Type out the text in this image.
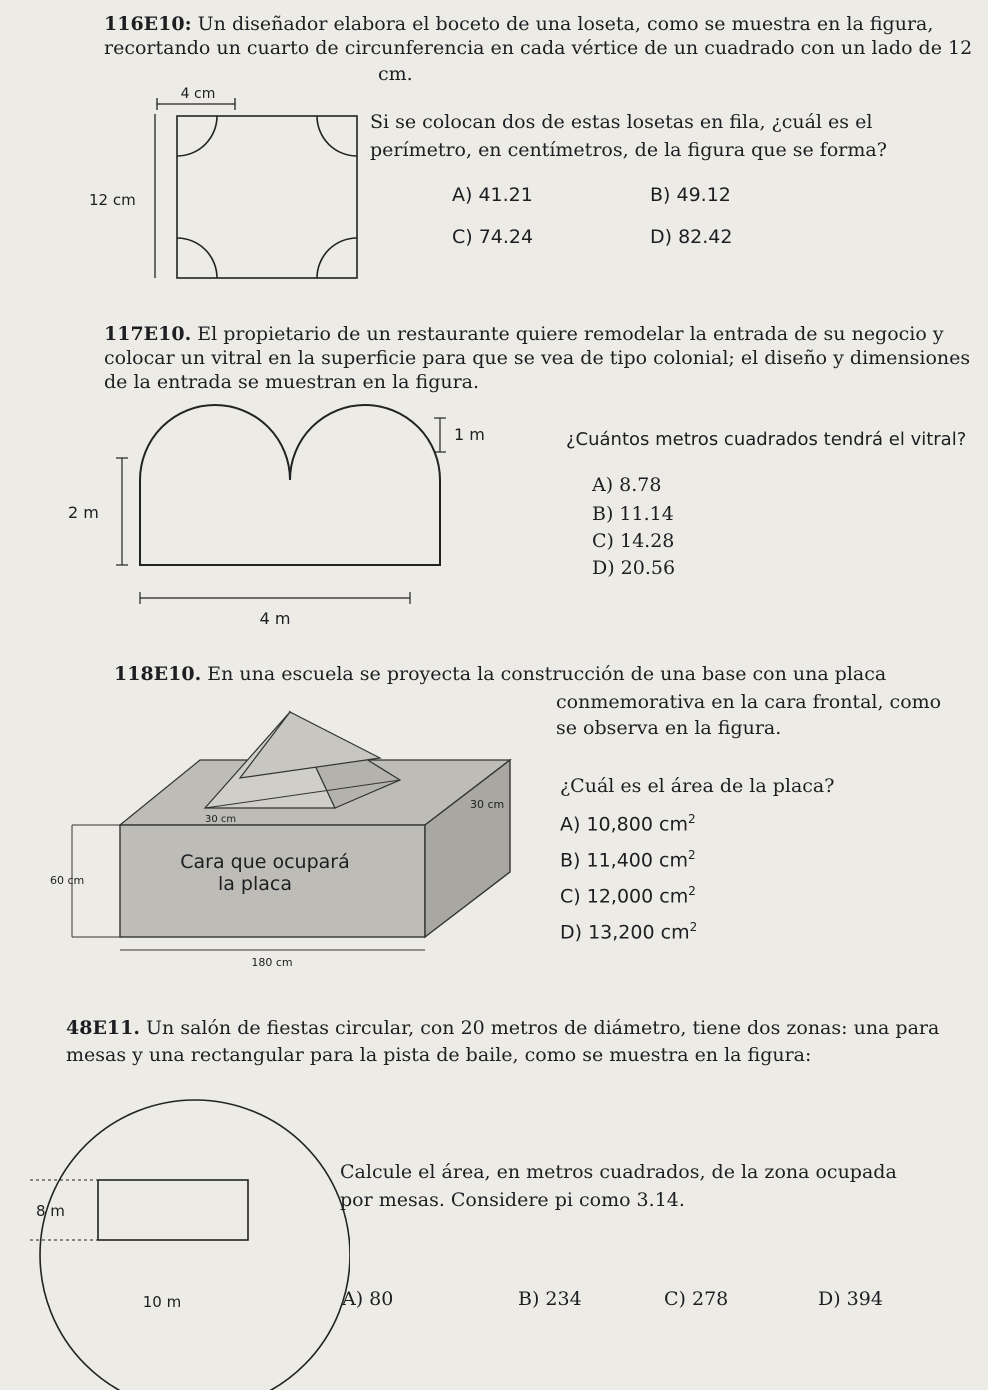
116E10: Un diseñador elabora el boceto de una loseta, como se muestra en la figura,
recortando un cuarto de circunferencia en cada vértice de un cuadrado con un lado de 12
cm.
4 cm
12 cm
Si se colocan dos de estas losetas en fila, ¿cuál es el
perímetro, en centímetros, de la figura que se forma?
A) 41.21	B) 49.12
C) 74.24	D) 82.42
117E10. El propietario de un restaurante quiere remodelar la entrada de su negocio y
colocar un vitral en la superficie para que se vea de tipo colonial; el diseño y dimensiones
de la entrada se muestran en la figura.
1 m
2 m
4 m
¿Cuántos metros cuadrados tendrá el vitral?
A) 8.78
B) 11.14
C) 14.28
D) 20.56
118E10. En una escuela se proyecta la construcción de una base con una placa
conmemorativa en la cara frontal, como
se observa en la figura.
30 cm
30 cm
Cara que ocupará
la placa
60 cm
180 cm
¿Cuál es el área de la placa?
A) 10,800 $cm^2$
B) 11,400 $cm^2$
C) 12,000 $cm^2$
D) 13,200 $cm^2$
48E11. Un salón de fiestas circular, con 20 metros de diámetro, tiene dos zonas: una para
mesas y una rectangular para la pista de baile, como se muestra en la figura:
8 m
10 m
Calcule el área, en metros cuadrados, de la zona ocupada
por mesas. Considere pi como 3.14.
A) 80	B) 234	C) 278	D) 394
